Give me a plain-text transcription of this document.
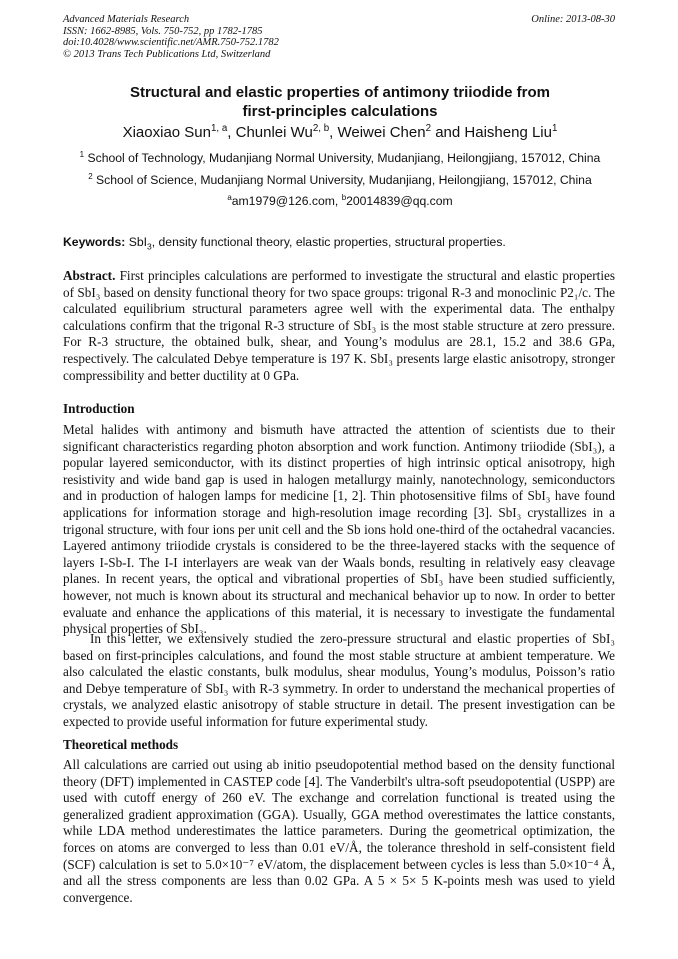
Advanced Materials Research
ISSN: 1662-8985, Vols. 750-752, pp 1782-1785
doi:10.4028/www.scientific.net/AMR.750-752.1782
© 2013 Trans Tech Publications Ltd, Switzerland
Online: 2013-08-30
Structural and elastic properties of antimony triiodide from
first-principles calculations
Xiaoxiao Sun$^{1, a}$, Chunlei Wu$^{2, b}$, Weiwei Chen$^2$ and Haisheng Liu$^1$
$^1$ School of Technology, Mudanjiang Normal University, Mudanjiang, Heilongjiang, 157012, China
$^2$ School of Science, Mudanjiang Normal University, Mudanjiang, Heilongjiang, 157012, China
$^a$am1979@126.com, $^b$20014839@qq.com
Keywords: SbI$_3$, density functional theory, elastic properties, structural properties.

Abstract. First principles calculations are performed to investigate the structural and elastic properties of SbI₃ based on density functional theory for two space groups: trigonal R-3 and monoclinic P2₁/c. The calculated equilibrium structural parameters agree well with the experimental data. The enthalpy calculations confirm that the trigonal R-3 structure of SbI₃ is the most stable structure at zero pressure. For R-3 structure, the obtained bulk, shear, and Young’s modulus are 28.1, 15.2 and 38.6 GPa, respectively. The calculated Debye temperature is 197 K. SbI₃ presents large elastic anisotropy, stronger compressibility and better ductility at 0 GPa.

Introduction

Metal halides with antimony and bismuth have attracted the attention of scientists due to their significant characteristics regarding photon absorption and work function. Antimony triiodide (SbI₃), a popular layered semiconductor, with its distinct properties of high intrinsic optical anisotropy, high resistivity and wide band gap is used in halogen metallurgy mainly, nanotechnology, semiconductors and in production of halogen lamps for medicine [1, 2]. Thin photosensitive films of SbI₃ have found applications for information storage and high-resolution image recording [3]. SbI₃ crystallizes in a trigonal structure, with four ions per unit cell and the Sb ions hold one-third of the octahedral vacancies. Layered antimony triiodide crystals is considered to be the three-layered stacks with the sequence of layers I-Sb-I. The I-I interlayers are weak van der Waals bonds, resulting in relatively easy cleavage planes. In recent years, the optical and vibrational properties of SbI₃ have been studied sufficiently, however, not much is known about its structural and mechanical behavior up to now. In order to better evaluate and enhance the applications of this material, it is necessary to investigate the fundamental physical properties of SbI₃.

In this letter, we extensively studied the zero-pressure structural and elastic properties of SbI₃ based on first-principles calculations, and found the most stable structure at ambient temperature. We also calculated the elastic constants, bulk modulus, shear modulus, Young’s modulus, Poisson’s ratio and Debye temperature of SbI₃ with R-3 symmetry. In order to understand the mechanical properties of crystals, we analyzed elastic anisotropy of stable structure in detail. The present investigation can be expected to provide useful information for future experimental study.

Theoretical methods

All calculations are carried out using ab initio pseudopotential method based on the density functional theory (DFT) implemented in CASTEP code [4]. The Vanderbilt's ultra-soft pseudopotential (USPP) are used with cutoff energy of 260 eV. The exchange and correlation functional is treated using the generalized gradient approximation (GGA). Usually, GGA method overestimates the lattice constants, while LDA method underestimates the lattice parameters. During the geometrical optimization, the forces on atoms are converged to less than 0.01 eV/Å, the tolerance threshold in self-consistent field (SCF) calculation is set to 5.0×10⁻⁷ eV/atom, the displacement between cycles is less than 5.0×10⁻⁴ Å, and all the stress components are less than 0.02 GPa. A 5 × 5× 5 K-points mesh was used to yield convergence.
